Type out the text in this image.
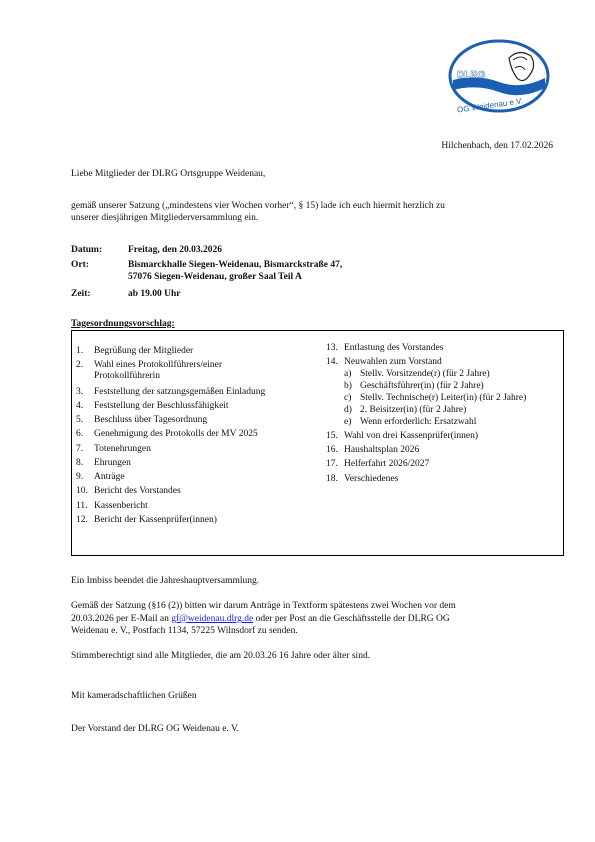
DLRG
OG Weidenau e.V.
Hilchenbach, den 17.02.2026
Liebe Mitglieder der DLRG Ortsgruppe Weidenau,
gemäß unserer Satzung („mindestens vier Wochen vorher“, § 15) lade ich euch hiermit herzlich zu
unserer diesjährigen Mitgliederversammlung ein.
Datum:	Freitag, den 20.03.2026
Ort:	Bismarckhalle Siegen-Weidenau, Bismarckstraße 47,
57076 Siegen-Weidenau, großer Saal Teil A
Zeit:	ab 19.00 Uhr
Tagesordnungsvorschlag:
1. Begrüßung der Mitglieder
2. Wahl eines Protokollführers/einer
Protokollführerin
3. Feststellung der satzungsgemäßen Einladung
4. Feststellung der Beschlussfähigkeit
5. Beschluss über Tagesordnung
6. Genehmigung des Protokolls der MV 2025
7. Totenehrungen
8. Ehrungen
9. Anträge
10. Bericht des Vorstandes
11. Kassenbericht
12. Bericht der Kassenprüfer(innen)
13. Entlastung des Vorstandes
14. Neuwahlen zum Vorstand
a) Stellv. Vorsitzende(r) (für 2 Jahre)
b) Geschäftsführer(in) (für 2 Jahre)
c) Stellv. Technische(r) Leiter(in) (für 2 Jahre)
d) 2. Beisitzer(in) (für 2 Jahre)
e) Wenn erforderlich: Ersatzwahl
15. Wahl von drei Kassenprüfer(innen)
16. Haushaltsplan 2026
17. Helferfahrt 2026/2027
18. Verschiedenes
Ein Imbiss beendet die Jahreshauptversammlung.
Gemäß der Satzung (§16 (2)) bitten wir darum Anträge in Textform spätestens zwei Wochen vor dem
20.03.2026 per E-Mail an gf@weidenau.dlrg.de oder per Post an die Geschäftsstelle der DLRG OG
Weidenau e. V., Postfach 1134, 57225 Wilnsdorf zu senden.
Stimmberechtigt sind alle Mitglieder, die am 20.03.26 16 Jahre oder älter sind.
Mit kameradschaftlichen Grüßen
Der Vorstand der DLRG OG Weidenau e. V.
